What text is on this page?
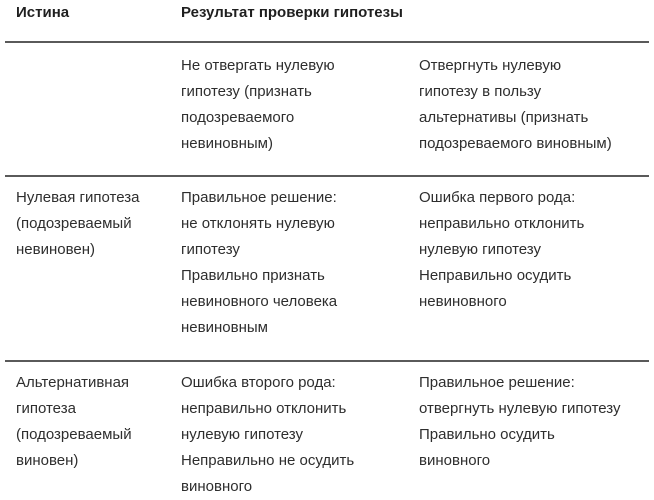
Истина	Результат проверки гипотезы
Не отвергать нулевую
гипотезу (признать
подозреваемого
невиновным)
Отвергнуть нулевую
гипотезу в пользу
альтернативы (признать
подозреваемого виновным)
Нулевая гипотеза
(подозреваемый
невиновен)
Правильное решение:
не отклонять нулевую
гипотезу
Правильно признать
невиновного человека
невиновным
Ошибка первого рода:
неправильно отклонить
нулевую гипотезу
Неправильно осудить
невиновного
Альтернативная
гипотеза
(подозреваемый
виновен)
Ошибка второго рода:
неправильно отклонить
нулевую гипотезу
Неправильно не осудить
виновного
Правильное решение:
отвергнуть нулевую гипотезу
Правильно осудить
виновного
